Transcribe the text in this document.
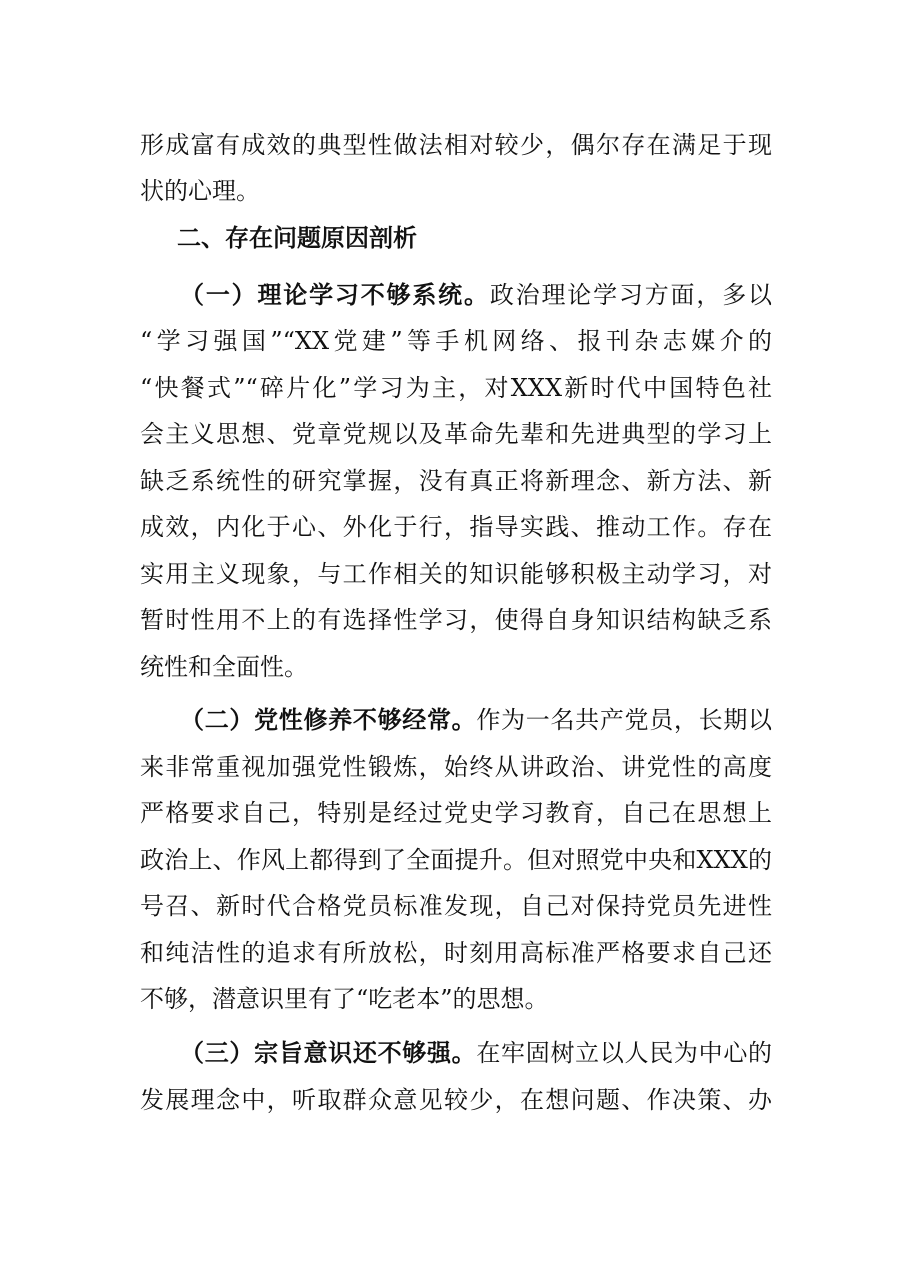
形成富有成效的典型性做法相对较少，偶尔存在满足于现
状的心理。
二、存在问题原因剖析
（一）理论学习不够系统。政治理论学习方面，多以
“学习强国”“XX党建”等手机网络、报刊杂志媒介的
“快餐式”“碎片化”学习为主，对XXX新时代中国特色社
会主义思想、党章党规以及革命先辈和先进典型的学习上
缺乏系统性的研究掌握，没有真正将新理念、新方法、新
成效，内化于心、外化于行，指导实践、推动工作。存在
实用主义现象，与工作相关的知识能够积极主动学习，对
暂时性用不上的有选择性学习，使得自身知识结构缺乏系
统性和全面性。
（二）党性修养不够经常。作为一名共产党员，长期以
来非常重视加强党性锻炼，始终从讲政治、讲党性的高度
严格要求自己，特别是经过党史学习教育，自己在思想上
政治上、作风上都得到了全面提升。但对照党中央和XXX的
号召、新时代合格党员标准发现，自己对保持党员先进性
和纯洁性的追求有所放松，时刻用高标准严格要求自己还
不够，潜意识里有了“吃老本”的思想。
（三）宗旨意识还不够强。在牢固树立以人民为中心的
发展理念中，听取群众意见较少，在想问题、作决策、办
